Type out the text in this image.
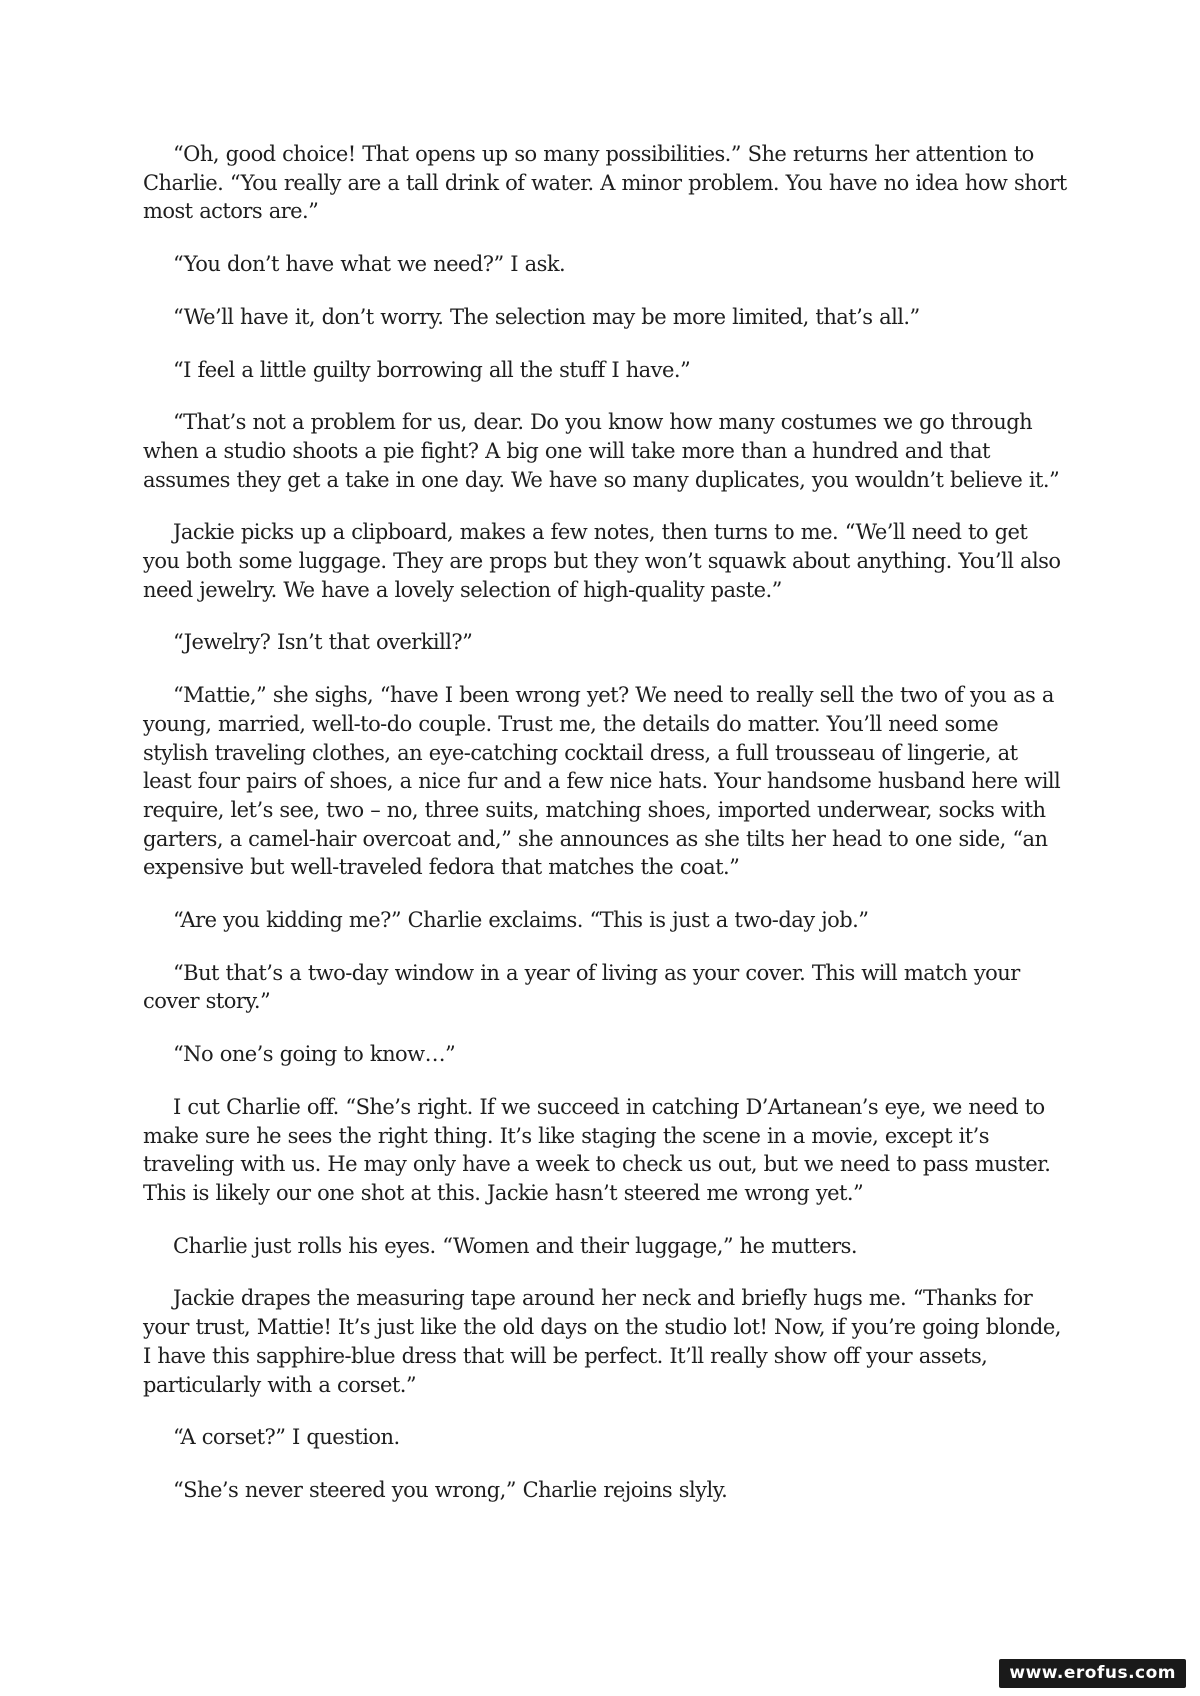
“Oh, good choice! That opens up so many possibilities.” She returns her attention to Charlie. “You really are a tall drink of water. A minor problem. You have no idea how short most actors are.”

“You don’t have what we need?” I ask.

“We’ll have it, don’t worry. The selection may be more limited, that’s all.”

“I feel a little guilty borrowing all the stuff I have.”

“That’s not a problem for us, dear. Do you know how many costumes we go through when a studio shoots a pie fight? A big one will take more than a hundred and that assumes they get a take in one day. We have so many duplicates, you wouldn’t believe it.”

Jackie picks up a clipboard, makes a few notes, then turns to me. “We’ll need to get you both some luggage. They are props but they won’t squawk about anything. You’ll also need jewelry. We have a lovely selection of high-quality paste.”

“Jewelry? Isn’t that overkill?”

“Mattie,” she sighs, “have I been wrong yet? We need to really sell the two of you as a young, married, well-to-do couple. Trust me, the details do matter. You’ll need some stylish traveling clothes, an eye-catching cocktail dress, a full trousseau of lingerie, at least four pairs of shoes, a nice fur and a few nice hats. Your handsome husband here will require, let’s see, two – no, three suits, matching shoes, imported underwear, socks with garters, a camel-hair overcoat and,” she announces as she tilts her head to one side, “an expensive but well-traveled fedora that matches the coat.”

“Are you kidding me?” Charlie exclaims. “This is just a two-day job.”

“But that’s a two-day window in a year of living as your cover. This will match your cover story.”

“No one’s going to know…”

I cut Charlie off. “She’s right. If we succeed in catching D’Artanean’s eye, we need to make sure he sees the right thing. It’s like staging the scene in a movie, except it’s traveling with us. He may only have a week to check us out, but we need to pass muster. This is likely our one shot at this. Jackie hasn’t steered me wrong yet.”

Charlie just rolls his eyes. “Women and their luggage,” he mutters.

Jackie drapes the measuring tape around her neck and briefly hugs me. “Thanks for your trust, Mattie! It’s just like the old days on the studio lot! Now, if you’re going blonde, I have this sapphire-blue dress that will be perfect. It’ll really show off your assets, particularly with a corset.”

“A corset?” I question.

“She’s never steered you wrong,” Charlie rejoins slyly.

www.erofus.com
